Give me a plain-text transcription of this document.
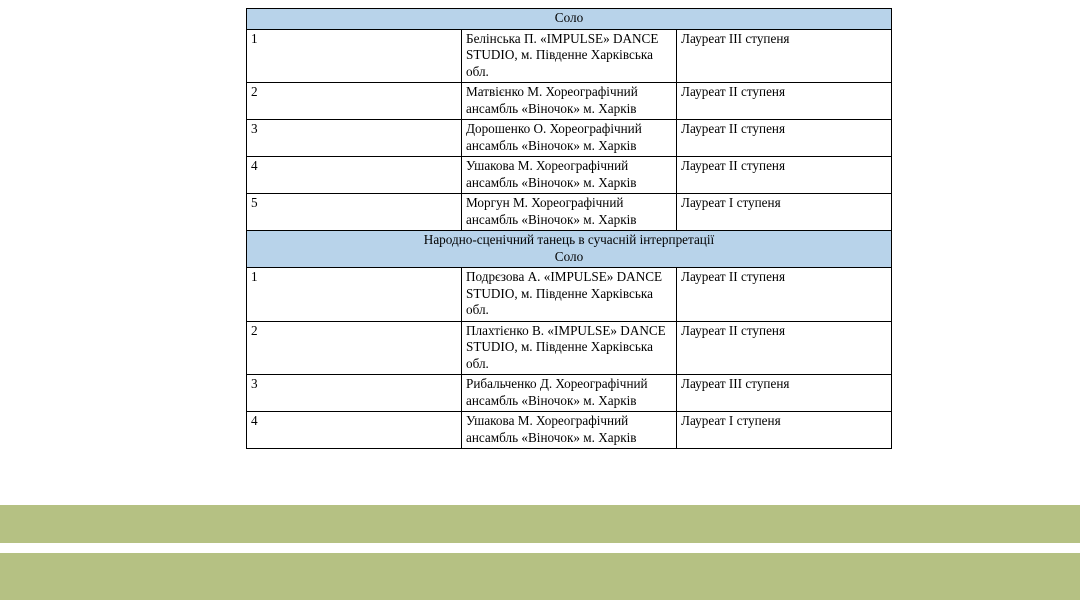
Соло		

1	Белінська П. «IMPULSE» DANCE STUDIO, м. Південне Харківська обл.	Лауреат III ступеня
2	Матвієнко М. Хореографічний ансамбль «Віночок» м. Харків	Лауреат II ступеня
3	Дорошенко О. Хореографічний ансамбль «Віночок» м. Харків	Лауреат II ступеня
4	Ушакова М. Хореографічний ансамбль «Віночок» м. Харків	Лауреат II ступеня
5	Моргун М. Хореографічний ансамбль «Віночок» м. Харків	Лауреат I ступеня

Народно-сценічний танець в сучасній інтерпретації
Соло		

1	Подрєзова А. «IMPULSE» DANCE STUDIO, м. Південне Харківська обл.	Лауреат II ступеня
2	Плахтієнко В. «IMPULSE» DANCE STUDIO, м. Південне Харківська обл.	Лауреат II ступеня
3	Рибальченко Д. Хореографічний ансамбль «Віночок» м. Харків	Лауреат III ступеня
4	Ушакова М. Хореографічний ансамбль «Віночок» м. Харків	Лауреат I ступеня
